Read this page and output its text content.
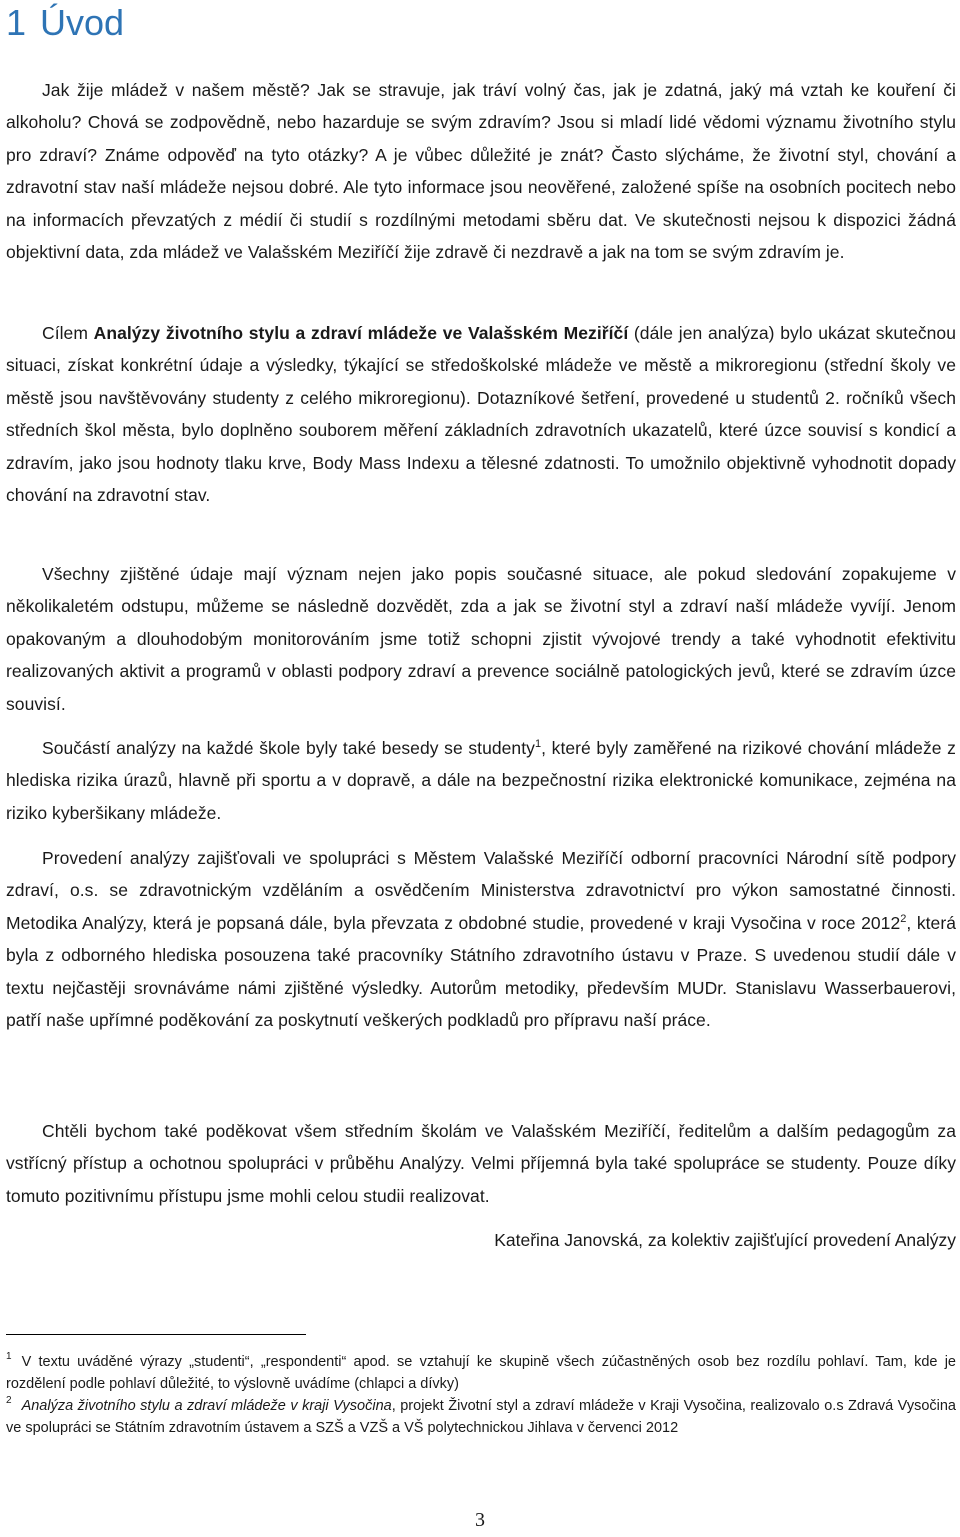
1 Úvod

Jak žije mládež v našem městě? Jak se stravuje, jak tráví volný čas, jak je zdatná, jaký má vztah ke kouření či alkoholu? Chová se zodpovědně, nebo hazarduje se svým zdravím? Jsou si mladí lidé vědomi významu životního stylu pro zdraví? Známe odpověď na tyto otázky? A je vůbec důležité je znát? Často slýcháme, že životní styl, chování a zdravotní stav naší mládeže nejsou dobré. Ale tyto informace jsou neověřené, založené spíše na osobních pocitech nebo na informacích převzatých z médií či studií s rozdílnými metodami sběru dat. Ve skutečnosti nejsou k dispozici žádná objektivní data, zda mládež ve Valašském Meziříčí žije zdravě či nezdravě a jak na tom se svým zdravím je.

Cílem Analýzy životního stylu a zdraví mládeže ve Valašském Meziříčí (dále jen analýza) bylo ukázat skutečnou situaci, získat konkrétní údaje a výsledky, týkající se středoškolské mládeže ve městě a mikroregionu (střední školy ve městě jsou navštěvovány studenty z celého mikroregionu). Dotazníkové šetření, provedené u studentů 2. ročníků všech středních škol města, bylo doplněno souborem měření základních zdravotních ukazatelů, které úzce souvisí s kondicí a zdravím, jako jsou hodnoty tlaku krve, Body Mass Indexu a tělesné zdatnosti. To umožnilo objektivně vyhodnotit dopady chování na zdravotní stav.

Všechny zjištěné údaje mají význam nejen jako popis současné situace, ale pokud sledování zopakujeme v několikaletém odstupu, můžeme se následně dozvědět, zda a jak se životní styl a zdraví naší mládeže vyvíjí. Jenom opakovaným a dlouhodobým monitorováním jsme totiž schopni zjistit vývojové trendy a také vyhodnotit efektivitu realizovaných aktivit a programů v oblasti podpory zdraví a prevence sociálně patologických jevů, které se zdravím úzce souvisí.

Součástí analýzy na každé škole byly také besedy se studenty$^1$, které byly zaměřené na rizikové chování mládeže z hlediska rizika úrazů, hlavně při sportu a v dopravě, a dále na bezpečnostní rizika elektronické komunikace, zejména na riziko kyberšikany mládeže.

Provedení analýzy zajišťovali ve spolupráci s Městem Valašské Meziříčí odborní pracovníci Národní sítě podpory zdraví, o.s. se zdravotnickým vzděláním a osvědčením Ministerstva zdravotnictví pro výkon samostatné činnosti. Metodika Analýzy, která je popsaná dále, byla převzata z obdobné studie, provedené v kraji Vysočina v roce 2012$^2$, která byla z odborného hlediska posouzena také pracovníky Státního zdravotního ústavu v Praze. S uvedenou studií dále v textu nejčastěji srovnáváme námi zjištěné výsledky. Autorům metodiky, především MUDr. Stanislavu Wasserbauerovi, patří naše upřímné poděkování za poskytnutí veškerých podkladů pro přípravu naší práce.

Chtěli bychom také poděkovat všem středním školám ve Valašském Meziříčí, ředitelům a dalším pedagogům za vstřícný přístup a ochotnou spolupráci v průběhu Analýzy. Velmi příjemná byla také spolupráce se studenty. Pouze díky tomuto pozitivnímu přístupu jsme mohli celou studii realizovat.

Kateřina Janovská, za kolektiv zajišťující provedení Analýzy

$^1$ V textu uváděné výrazy „studenti“, „respondenti“ apod. se vztahují ke skupině všech zúčastněných osob bez rozdílu pohlaví. Tam, kde je rozdělení podle pohlaví důležité, to výslovně uvádíme (chlapci a dívky)

$^2$ Analýza životního stylu a zdraví mládeže v kraji Vysočina, projekt Životní styl a zdraví mládeže v Kraji Vysočina, realizovalo o.s Zdravá Vysočina ve spolupráci se Státním zdravotním ústavem a SZŠ a VZŠ a VŠ polytechnickou Jihlava v červenci 2012

3
